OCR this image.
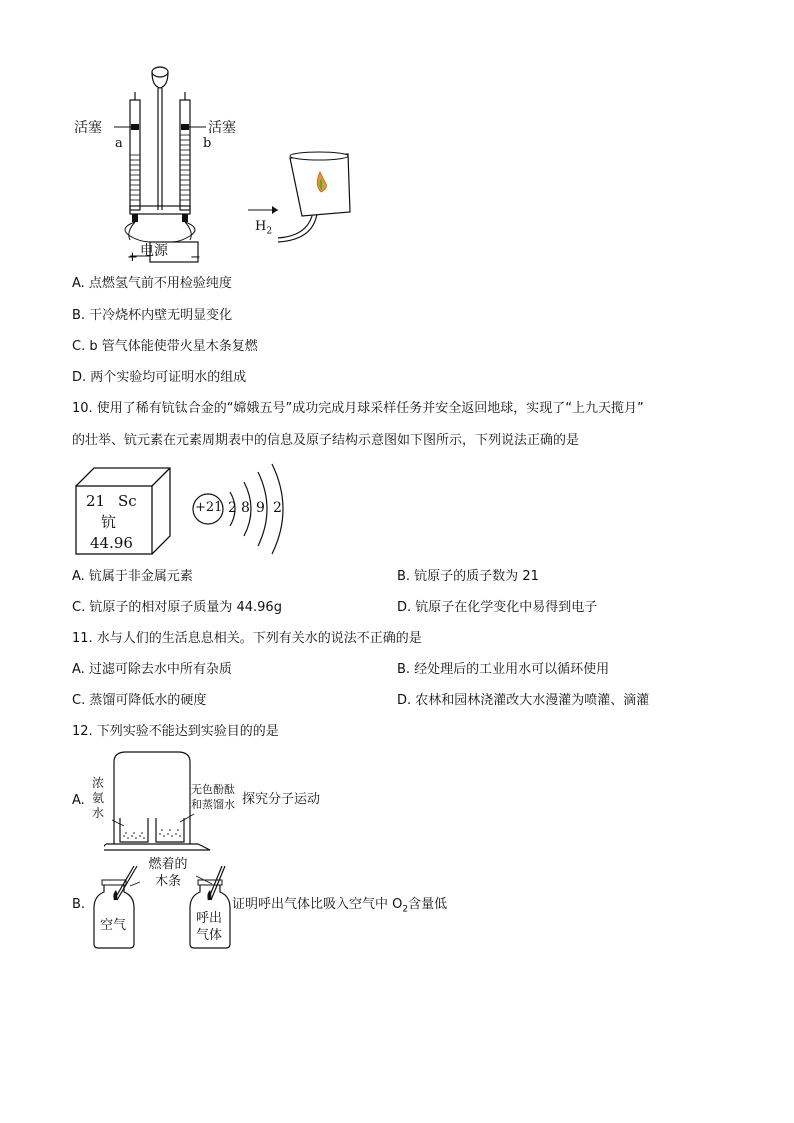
活塞	活塞
a	b
电源
+	−
$H_2$
A. 点燃氢气前不用检验纯度
B. 干冷烧杯内壁无明显变化
C. b 管气体能使带火星木条复燃
D. 两个实验均可证明水的组成
10. 使用了稀有钪钛合金的“嫦娥五号”成功完成月球采样任务并安全返回地球，实现了“上九天揽月”
的壮举、钪元素在元素周期表中的信息及原子结构示意图如下图所示，下列说法正确的是
21 Sc
钪
44.96
+21 2 8 9 2
A. 钪属于非金属元素	B. 钪原子的质子数为 21
C. 钪原子的相对原子质量为 44.96g	D. 钪原子在化学变化中易得到电子
11. 水与人们的生活息息相关。下列有关水的说法不正确的是
A. 过滤可除去水中所有杂质	B. 经处理后的工业用水可以循环使用
C. 蒸馏可降低水的硬度	D. 农林和园林浇灌改大水漫灌为喷灌、滴灌
12. 下列实验不能达到实验目的的是
A.
浓
氨
水
无色酚酞
和蒸馏水 探究分子运动
B.
燃着的
木条
空气	呼出
气体
证明呼出气体比吸入空气中 $O_2$含量低
